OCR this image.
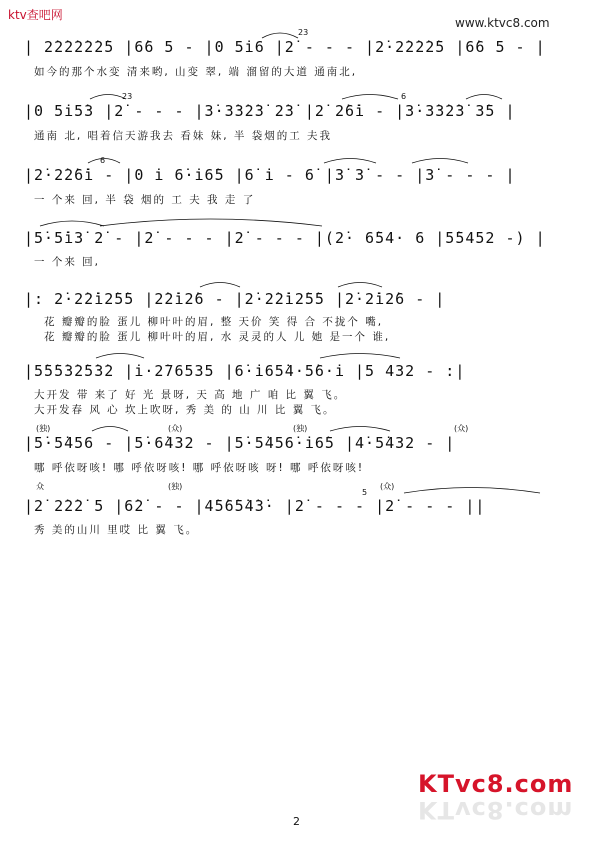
ktv查吧网
www.ktvc8.com
| 2̇2̇2̇2̇2̇2̇5 |6̇6 5 - |0 5i̇6 |2̇ - - - |2̇·2̇2̇2̇2̇5 |6̇6 5 - |
如今的那个水变 清来哟, 山变 翠, 端 溜留的大道 通南北,
23
|0 5i̇5̇3 |2̇ - - - |3̇·3̇3̇2̇3̇ 2̇3̇ |2̇ 2̇6̇i̇ - |3̇·3̇3̇2̇3̇ 3̇5 |
通南 北, 唱着信天游我去 看妹 妹, 半 袋烟的工 夫我
23	6
|2̇·2̇2̇6̇i̇ - |0 i̇ 6̇·i̇6̇5 |6̇ i̇ - 6̇ |3̇ 3̇ - - |3̇ - - - |
一 个来 回, 半 袋 烟的 工 夫 我 走 了
6
|5̇·5̇i̇3̇ 2̇ - |2̇ - - - |2̇ - - - |(2̇· 6̇54· 6 |5̇5452 -) |
一 个来 回,
|: 2̇·2̇2̇i̇2̇5̇5 |2̇2̇i̇2̇6 - |2̇·2̇2̇i̇2̇5̇5 |2̇·2̇i̇2̇6 - |
花 瓣瓣的脸 蛋儿 柳叶叶的眉, 整 天价 笑 得 合 不拢个 嘴,
花 瓣瓣的脸 蛋儿 柳叶叶的眉, 水 灵灵的人 儿 她 是一个 谁,
|5̇5̇5̇3̇2̇5̇3̇2 |i̇·2̇76535 |6̇·i̇65̇4·5̇6·i̇ |5 432 - :|
大开发 带 来了 好 光 景呀, 天 高 地 广 咱 比 翼 飞。
大开发春 风 心 坎上吹呀, 秀 美 的 山 川 比 翼 飞。
(独)	(众)	(独)	(众)
|5̇·5̇456 - |5̇·6̇432 - |5̇·5̇456̇·i̇6̇5 |4̇·5̇432 - |
哪 呼依呀咳! 哪 呼依呀咳! 哪 呼依呀咳 呀! 哪 呼依呀咳!
众	(独)	(众)
5
|2̇ 2̇2̇2̇ 5 |6̇2̇ - - |4̇5̇6̇5̇4̇3̇· |2̇ - - - |2̇ - - - ||
秀 美的山川 里哎 比 翼 飞。
2
KTvc8.com
KTvc8.com
